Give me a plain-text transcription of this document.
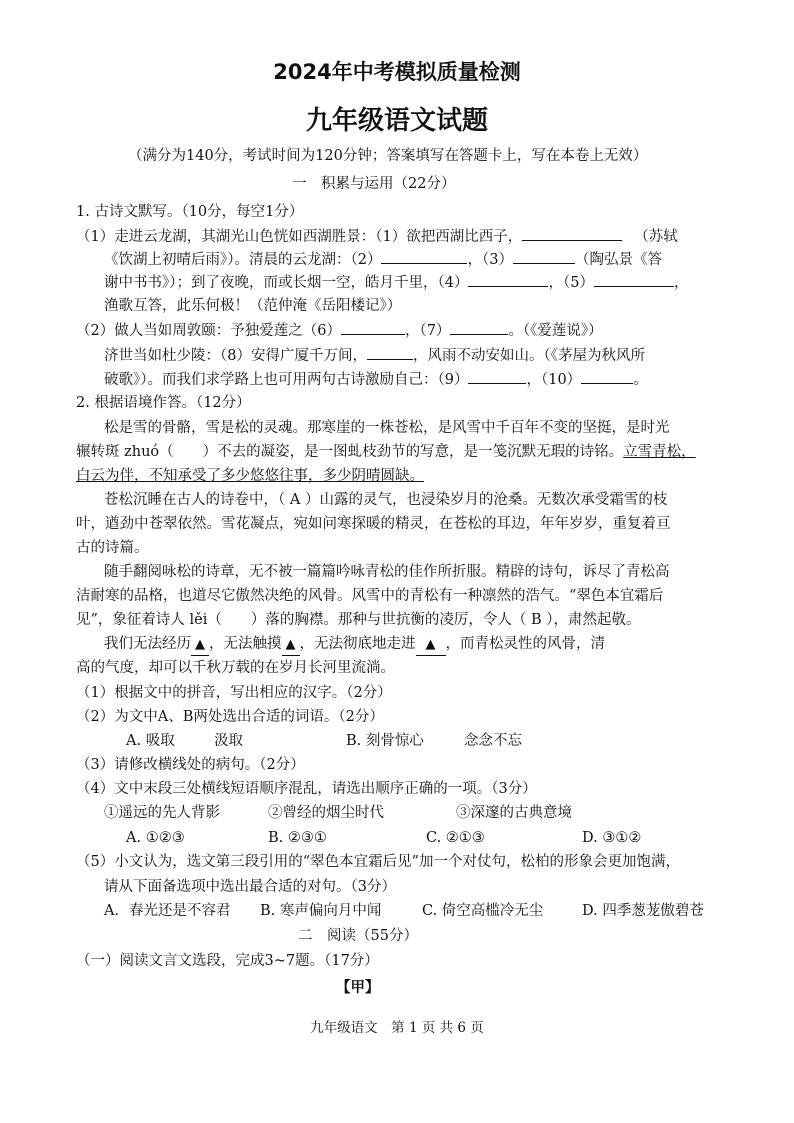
2024年中考模拟质量检测
九年级语文试题
（满分为140分，考试时间为120分钟；答案填写在答题卡上，写在本卷上无效）
一　积累与运用（22分）
1. 古诗文默写。（10分，每空1分）
（1）走进云龙湖，其湖光山色恍如西湖胜景：（1）欲把西湖比西子，	（苏轼
《饮湖上初晴后雨》）。清晨的云龙湖：（2）	，（3）	（陶弘景《答
谢中书书》）；到了夜晚，而或长烟一空，皓月千里，（4）	，（5）	，
渔歌互答，此乐何极！（范仲淹《岳阳楼记》）
（2）做人当如周敦颐：予独爱莲之（6）	，（7）	。（《爱莲说》）
济世当如杜少陵：（8）安得广厦千万间，	，风雨不动安如山。（《茅屋为秋风所
破歌》）。而我们求学路上也可用两句古诗激励自己：（9）	，（10）	。
2. 根据语境作答。（12分）
松是雪的骨骼，雪是松的灵魂。那寒崖的一株苍松，是风雪中千百年不变的坚挺，是时光
辗转斑 zhuó（　　）不去的凝姿，是一图虬枝劲节的写意，是一笺沉默无瑕的诗铭。立雪青松，
白云为伴，不知承受了多少悠悠往事，多少阴晴圆缺。
苍松沉睡在古人的诗卷中，（ A ）山露的灵气，也浸染岁月的沧桑。无数次承受霜雪的枝
叶，遒劲中苍翠依然。雪花凝点，宛如问寒探暖的精灵，在苍松的耳边，年年岁岁，重复着亘
古的诗篇。
随手翻阅咏松的诗章，无不被一篇篇吟咏青松的佳作所折服。精辟的诗句，诉尽了青松高
洁耐寒的品格，也道尽它傲然决绝的风骨。风雪中的青松有一种凛然的浩气。“翠色本宜霜后
见”，象征着诗人 lěi（　　）落的胸襟。那种与世抗衡的凌厉，令人（ B ），肃然起敬。
我们无法经历 ▲ ，无法触摸 ▲ ，无法彻底地走进 ▲ ，而青松灵性的风骨，清
高的气度，却可以千秋万载的在岁月长河里流淌。
（1）根据文中的拼音，写出相应的汉字。（2分）
（2）为文中A、B两处选出合适的词语。（2分）
A. 吸取	汲取	B. 刻骨惊心	念念不忘
（3）请修改横线处的病句。（2分）
（4）文中末段三处横线短语顺序混乱，请选出顺序正确的一项。（3分）
①遥远的先人背影	②曾经的烟尘时代	③深邃的古典意境
A. ①②③	B. ②③①	C. ②①③	D. ③①②
（5）小文认为，选文第三段引用的“翠色本宜霜后见”加一个对仗句，松柏的形象会更加饱满，
请从下面备选项中选出最合适的对句。（3分）
A．春光还是不容君 B. 寒声偏向月中闻	C. 倚空高槛冷无尘	D. 四季葱茏傲碧苍
二　阅读（55分）
（一）阅读文言文选段，完成3~7题。（17分）
【甲】
九年级语文　第 1 页 共 6 页
